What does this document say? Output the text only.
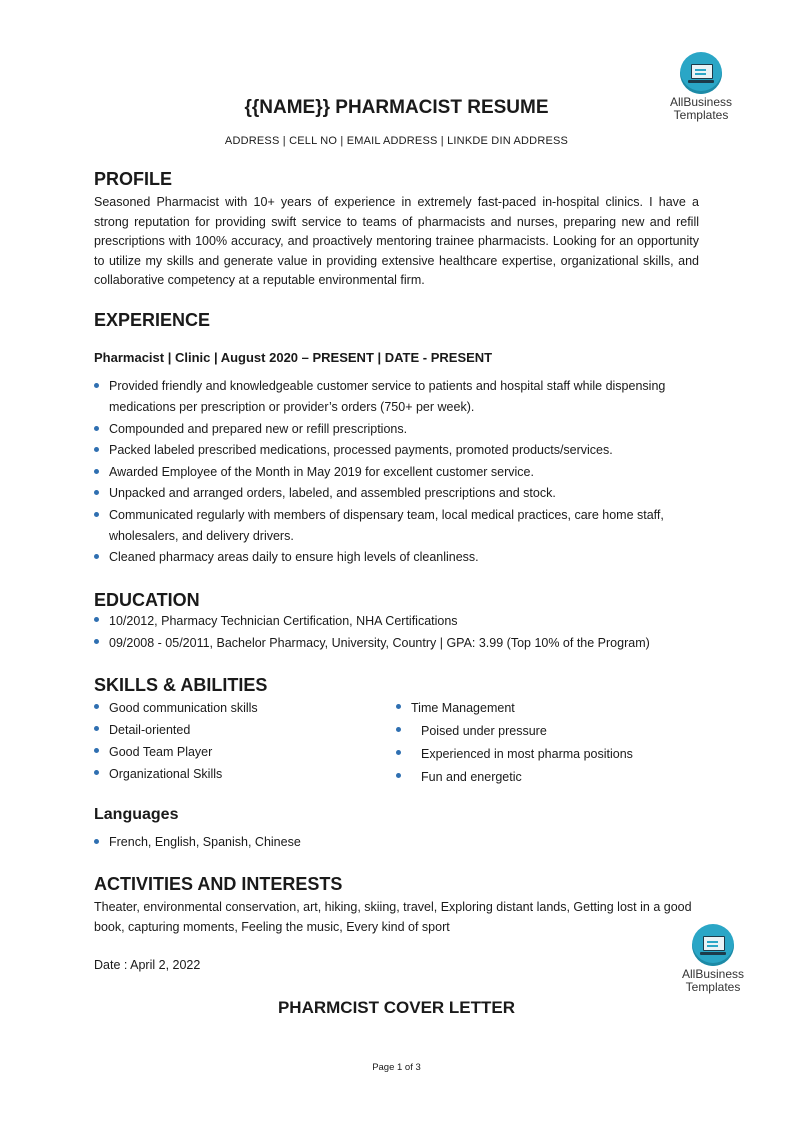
AllBusiness
Templates
{{NAME}} PHARMACIST RESUME
ADDRESS | CELL NO | EMAIL ADDRESS | LINKDE DIN ADDRESS
PROFILE
Seasoned Pharmacist with 10+ years of experience in extremely fast-paced in-hospital clinics. I have a strong reputation for providing swift service to teams of pharmacists and nurses, preparing new and refill prescriptions with 100% accuracy, and proactively mentoring trainee pharmacists. Looking for an opportunity to utilize my skills and generate value in providing extensive healthcare expertise, organizational skills, and collaborative competency at a reputable environmental firm.
EXPERIENCE
Pharmacist | Clinic | August 2020 – PRESENT | DATE - PRESENT
Provided friendly and knowledgeable customer service to patients and hospital staff while dispensing medications per prescription or provider’s orders (750+ per week).
Compounded and prepared new or refill prescriptions.
Packed labeled prescribed medications, processed payments, promoted products/services.
Awarded Employee of the Month in May 2019 for excellent customer service.
Unpacked and arranged orders, labeled, and assembled prescriptions and stock.
Communicated regularly with members of dispensary team, local medical practices, care home staff, wholesalers, and delivery drivers.
Cleaned pharmacy areas daily to ensure high levels of cleanliness.
EDUCATION
10/2012, Pharmacy Technician Certification, NHA Certifications
09/2008 - 05/2011, Bachelor Pharmacy, University, Country | GPA: 3.99 (Top 10% of the Program)
SKILLS & ABILITIES
Good communication skills
Detail-oriented
Good Team Player
Organizational Skills
Time Management
Poised under pressure
Experienced in most pharma positions
Fun and energetic
Languages
French, English, Spanish, Chinese
ACTIVITIES AND INTERESTS
Theater, environmental conservation, art, hiking, skiing, travel, Exploring distant lands, Getting lost in a good book, capturing moments, Feeling the music, Every kind of sport
AllBusiness
Templates
Date : April 2, 2022
PHARMCIST COVER LETTER
Page 1 of 3
